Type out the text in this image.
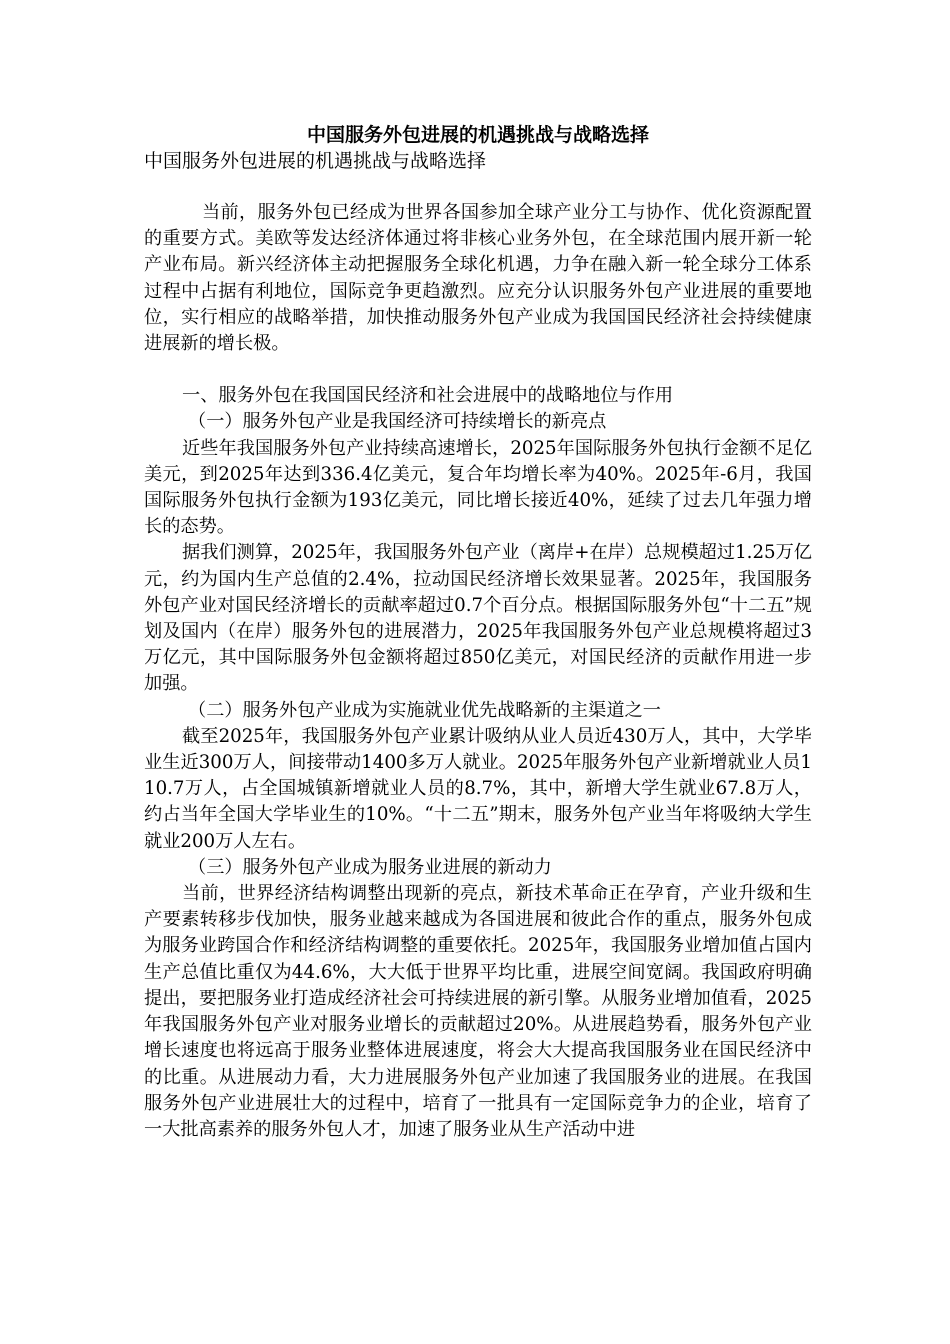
中国服务外包进展的机遇挑战与战略选择
中国服务外包进展的机遇挑战与战略选择

当前，服务外包已经成为世界各国参加全球产业分工与协作、优化资源配置的重要方式。美欧等发达经济体通过将非核心业务外包，在全球范围内展开新一轮产业布局。新兴经济体主动把握服务全球化机遇，力争在融入新一轮全球分工体系过程中占据有利地位，国际竞争更趋激烈。应充分认识服务外包产业进展的重要地位，实行相应的战略举措，加快推动服务外包产业成为我国国民经济社会持续健康进展新的增长极。

一、服务外包在我国国民经济和社会进展中的战略地位与作用

（一）服务外包产业是我国经济可持续增长的新亮点

近些年我国服务外包产业持续高速增长，2025年国际服务外包执行金额不足亿美元，到2025年达到336.4亿美元，复合年均增长率为40%。2025年-6月，我国国际服务外包执行金额为193亿美元，同比增长接近40%，延续了过去几年强力增长的态势。

据我们测算，2025年，我国服务外包产业（离岸+在岸）总规模超过1.25万亿元，约为国内生产总值的2.4%，拉动国民经济增长效果显著。2025年，我国服务外包产业对国民经济增长的贡献率超过0.7个百分点。根据国际服务外包“十二五”规划及国内（在岸）服务外包的进展潜力，2025年我国服务外包产业总规模将超过3万亿元，其中国际服务外包金额将超过850亿美元，对国民经济的贡献作用进一步加强。

（二）服务外包产业成为实施就业优先战略新的主渠道之一

截至2025年，我国服务外包产业累计吸纳从业人员近430万人，其中，大学毕业生近300万人，间接带动1400多万人就业。2025年服务外包产业新增就业人员110.7万人，占全国城镇新增就业人员的8.7%，其中，新增大学生就业67.8万人，约占当年全国大学毕业生的10%。“十二五”期末，服务外包产业当年将吸纳大学生就业200万人左右。

（三）服务外包产业成为服务业进展的新动力

当前，世界经济结构调整出现新的亮点，新技术革命正在孕育，产业升级和生产要素转移步伐加快，服务业越来越成为各国进展和彼此合作的重点，服务外包成为服务业跨国合作和经济结构调整的重要依托。2025年，我国服务业增加值占国内生产总值比重仅为44.6%，大大低于世界平均比重，进展空间宽阔。我国政府明确提出，要把服务业打造成经济社会可持续进展的新引擎。从服务业增加值看，2025年我国服务外包产业对服务业增长的贡献超过20%。从进展趋势看，服务外包产业增长速度也将远高于服务业整体进展速度，将会大大提高我国服务业在国民经济中的比重。从进展动力看，大力进展服务外包产业加速了我国服务业的进展。在我国服务外包产业进展壮大的过程中，培育了一批具有一定国际竞争力的企业，培育了一大批高素养的服务外包人才，加速了服务业从生产活动中进
